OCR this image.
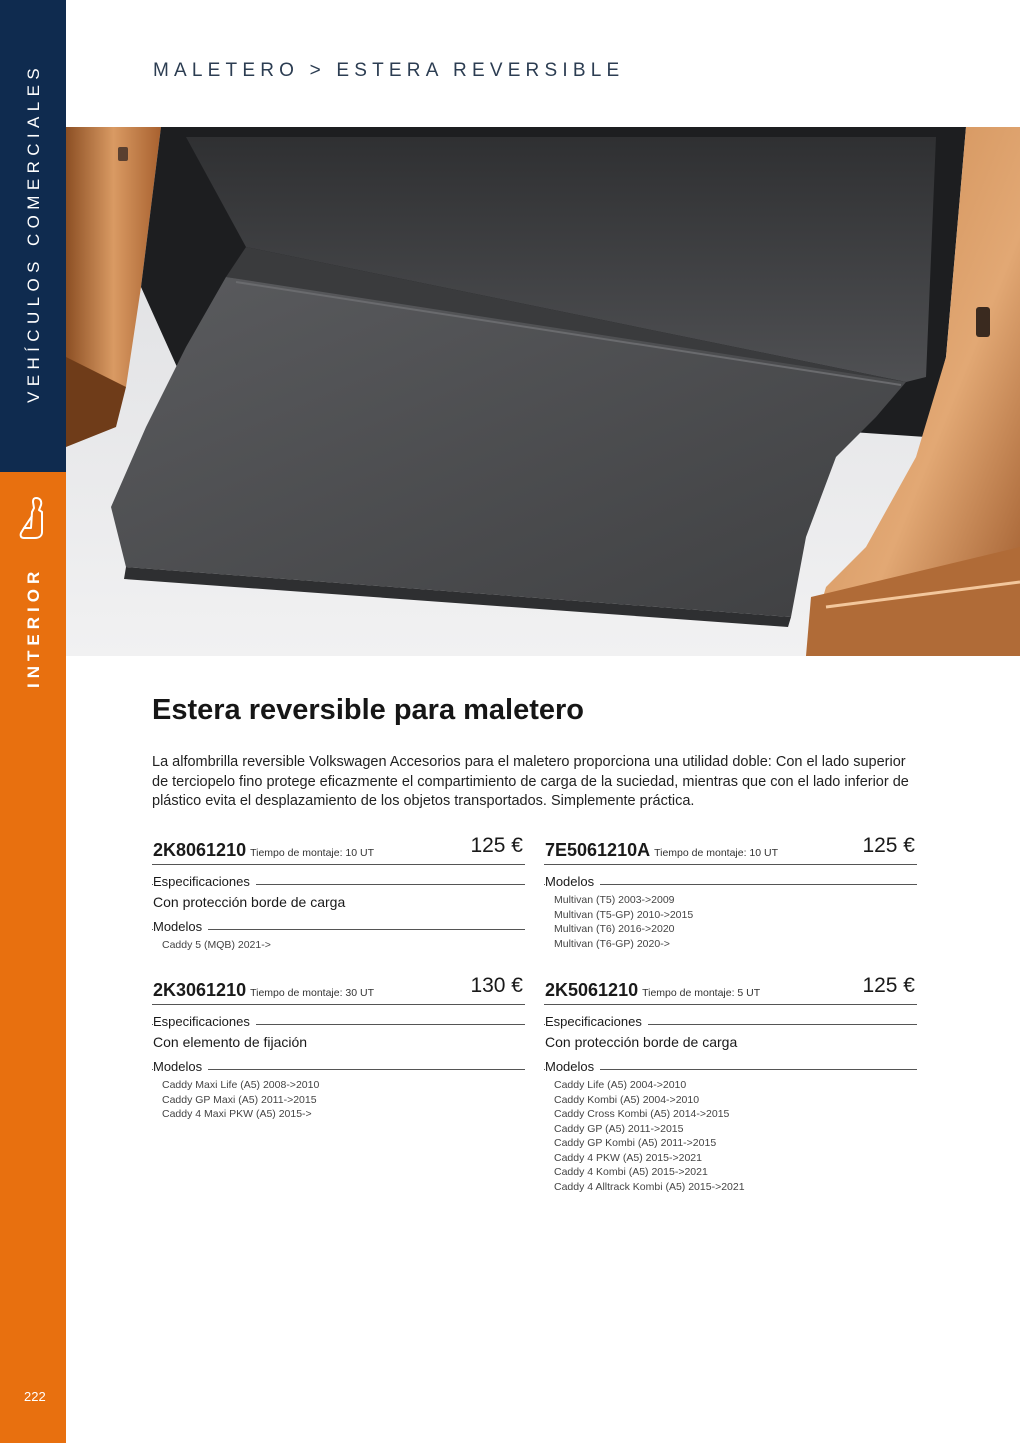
VEHÍCULOS COMERCIALES
INTERIOR
222
MALETERO > ESTERA REVERSIBLE
Estera reversible para maletero
La alfombrilla reversible Volkswagen Accesorios para el maletero proporciona una utilidad doble: Con el lado superior de terciopelo fino protege eficazmente el compartimiento de carga de la suciedad, mientras que con el lado inferior de plástico evita el desplazamiento de los objetos transportados. Simplemente práctica.
2K8061210 Tiempo de montaje: 10 UT	125 €
Especificaciones
Con protección borde de carga
Modelos
Caddy 5 (MQB) 2021->
7E5061210A Tiempo de montaje: 10 UT	125 €
Modelos
Multivan (T5) 2003->2009
Multivan (T5-GP) 2010->2015
Multivan (T6) 2016->2020
Multivan (T6-GP) 2020->
2K3061210 Tiempo de montaje: 30 UT	130 €
Especificaciones
Con elemento de fijación
Modelos
Caddy Maxi Life (A5) 2008->2010
Caddy GP Maxi (A5) 2011->2015
Caddy 4 Maxi PKW (A5) 2015->
2K5061210 Tiempo de montaje: 5 UT	125 €
Especificaciones
Con protección borde de carga
Modelos
Caddy Life (A5) 2004->2010
Caddy Kombi (A5) 2004->2010
Caddy Cross Kombi (A5) 2014->2015
Caddy GP (A5) 2011->2015
Caddy GP Kombi (A5) 2011->2015
Caddy 4 PKW (A5) 2015->2021
Caddy 4 Kombi (A5) 2015->2021
Caddy 4 Alltrack Kombi (A5) 2015->2021
